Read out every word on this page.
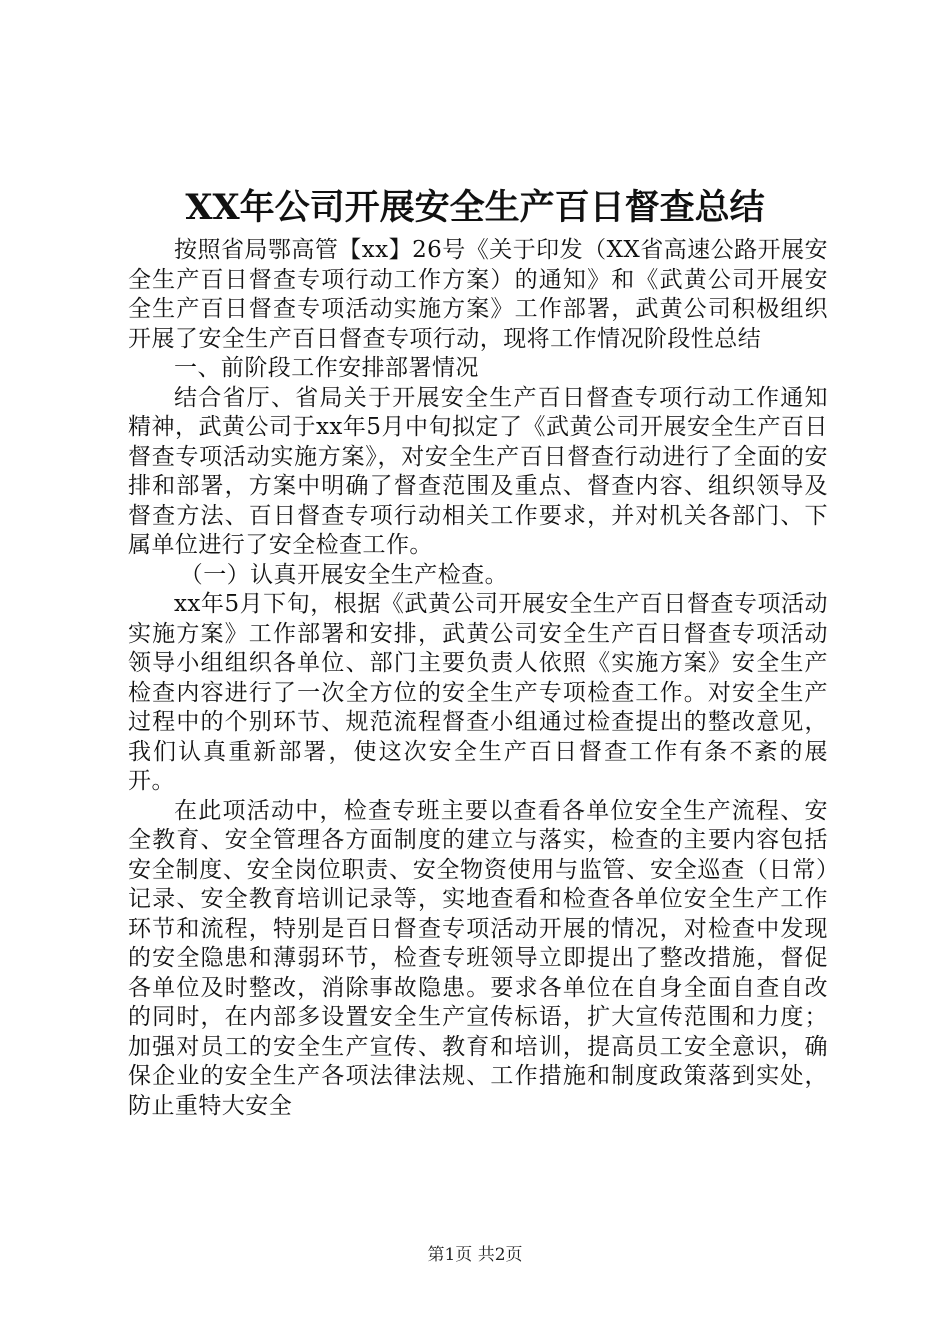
XX年公司开展安全生产百日督查总结

按照省局鄂高管【xx】26号《关于印发（XX省高速公路开展安全生产百日督查专项行动工作方案）的通知》和《武黄公司开展安全生产百日督查专项活动实施方案》工作部署，武黄公司积极组织开展了安全生产百日督查专项行动，现将工作情况阶段性总结

一、前阶段工作安排部署情况

结合省厅、省局关于开展安全生产百日督查专项行动工作通知精神，武黄公司于xx年5月中旬拟定了《武黄公司开展安全生产百日督查专项活动实施方案》，对安全生产百日督查行动进行了全面的安排和部署，方案中明确了督查范围及重点、督查内容、组织领导及督查方法、百日督查专项行动相关工作要求，并对机关各部门、下属单位进行了安全检查工作。

（一）认真开展安全生产检查。

xx年5月下旬，根据《武黄公司开展安全生产百日督查专项活动实施方案》工作部署和安排，武黄公司安全生产百日督查专项活动领导小组组织各单位、部门主要负责人依照《实施方案》安全生产检查内容进行了一次全方位的安全生产专项检查工作。对安全生产过程中的个别环节、规范流程督查小组通过检查提出的整改意见，我们认真重新部署，使这次安全生产百日督查工作有条不紊的展开。

在此项活动中，检查专班主要以查看各单位安全生产流程、安全教育、安全管理各方面制度的建立与落实，检查的主要内容包括安全制度、安全岗位职责、安全物资使用与监管、安全巡查（日常）记录、安全教育培训记录等，实地查看和检查各单位安全生产工作环节和流程，特别是百日督查专项活动开展的情况，对检查中发现的安全隐患和薄弱环节，检查专班领导立即提出了整改措施，督促各单位及时整改，消除事故隐患。要求各单位在自身全面自查自改的同时，在内部多设置安全生产宣传标语，扩大宣传范围和力度；加强对员工的安全生产宣传、教育和培训，提高员工安全意识，确保企业的安全生产各项法律法规、工作措施和制度政策落到实处，防止重特大安全

第1页 共2页
